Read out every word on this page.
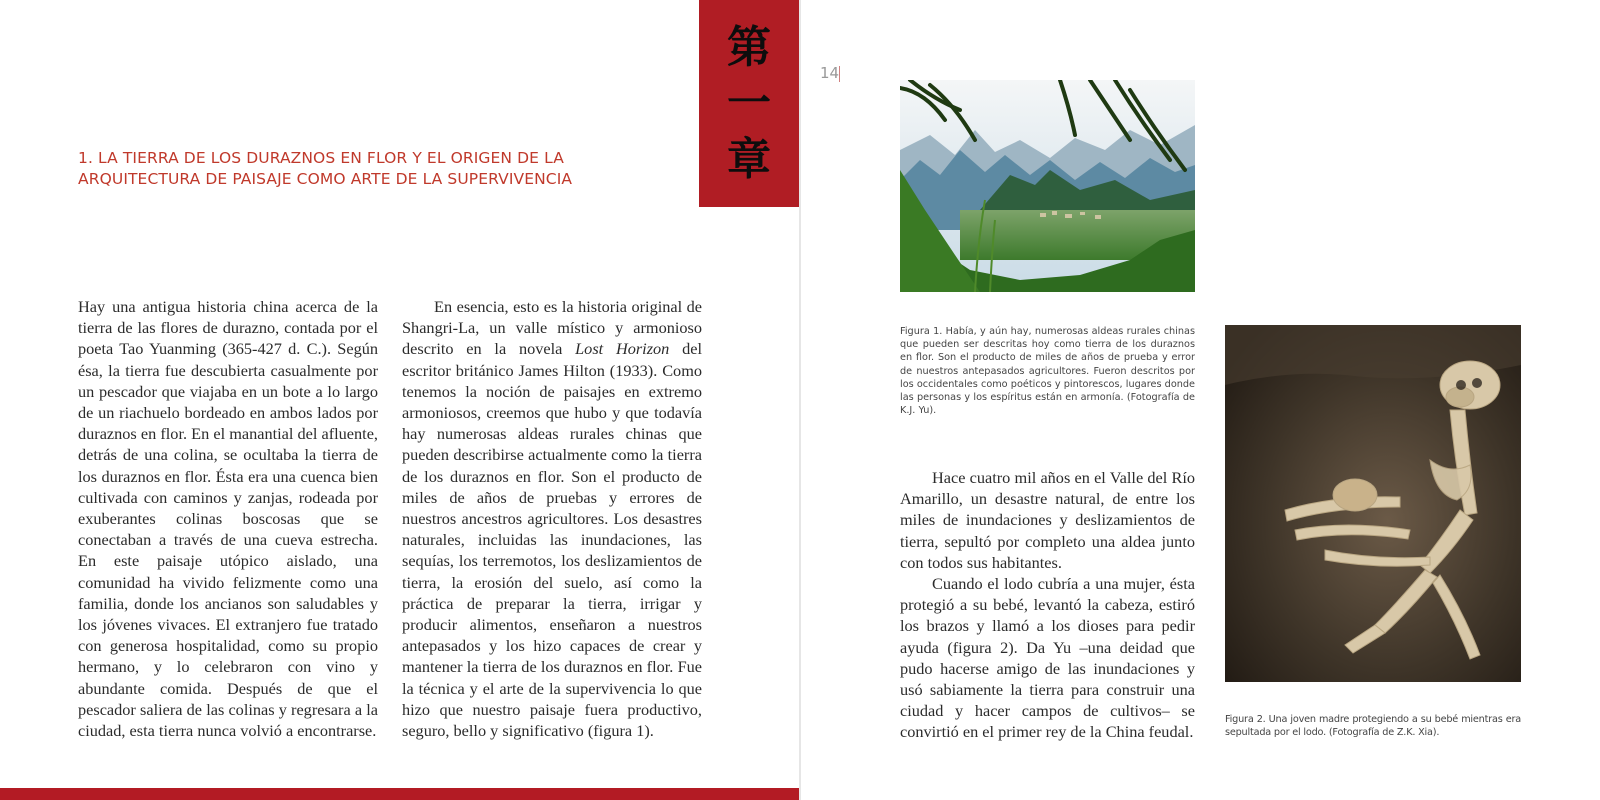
第
一
章
1. LA TIERRA DE LOS DURAZNOS EN FLOR Y EL ORIGEN DE LA ARQUITECTURA DE PAISAJE COMO ARTE DE LA SUPERVIVENCIA

Hay una antigua historia china acerca de la tierra de las flores de durazno, contada por el poeta Tao Yuanming (365-427 d. C.). Según ésa, la tierra fue descubierta casualmente por un pescador que viajaba en un bote a lo largo de un riachuelo bordeado en ambos lados por duraznos en flor. En el manantial del afluente, detrás de una colina, se ocultaba la tierra de los duraznos en flor. Ésta era una cuenca bien cultivada con caminos y zanjas, rodeada por exuberantes colinas boscosas que se conectaban a través de una cueva estrecha. En este paisaje utópico aislado, una comunidad ha vivido felizmente como una familia, donde los ancianos son saludables y los jóvenes vivaces. El extranjero fue tratado con generosa hospitalidad, como su propio hermano, y lo celebraron con vino y abundante comida. Después de que el pescador saliera de las colinas y regresara a la ciudad, esta tierra nunca volvió a encontrarse.

En esencia, esto es la historia original de Shangri-La, un valle místico y armonioso descrito en la novela Lost Horizon del escritor británico James Hilton (1933). Como tenemos la noción de paisajes en extremo armoniosos, creemos que hubo y que todavía hay numerosas aldeas rurales chinas que pueden describirse actualmente como la tierra de los duraznos en flor. Son el producto de miles de años de pruebas y errores de nuestros ancestros agricultores. Los desastres naturales, incluidas las inundaciones, las sequías, los terremotos, los deslizamientos de tierra, la erosión del suelo, así como la práctica de preparar la tierra, irrigar y producir alimentos, enseñaron a nuestros antepasados y los hizo capaces de crear y mantener la tierra de los duraznos en flor. Fue la técnica y el arte de la supervivencia lo que hizo que nuestro paisaje fuera productivo, seguro, bello y significativo (figura 1).

14

Figura 1. Había, y aún hay, numerosas aldeas rurales chinas que pueden ser descritas hoy como tierra de los duraznos en flor. Son el producto de miles de años de prueba y error de nuestros antepasados agricultores. Fueron descritos por los occidentales como poéticos y pintorescos, lugares donde las personas y los espíritus están en armonía. (Fotografía de K.J. Yu).

Hace cuatro mil años en el Valle del Río Amarillo, un desastre natural, de entre los miles de inundaciones y deslizamientos de tierra, sepultó por completo una aldea junto con todos sus habitantes.

Cuando el lodo cubría a una mujer, ésta protegió a su bebé, levantó la cabeza, estiró los brazos y llamó a los dioses para pedir ayuda (figura 2). Da Yu –una deidad que pudo hacerse amigo de las inundaciones y usó sabiamente la tierra para construir una ciudad y hacer campos de cultivos– se convirtió en el primer rey de la China feudal.

Figura 2. Una joven madre protegiendo a su bebé mientras era sepultada por el lodo. (Fotografía de Z.K. Xia).
